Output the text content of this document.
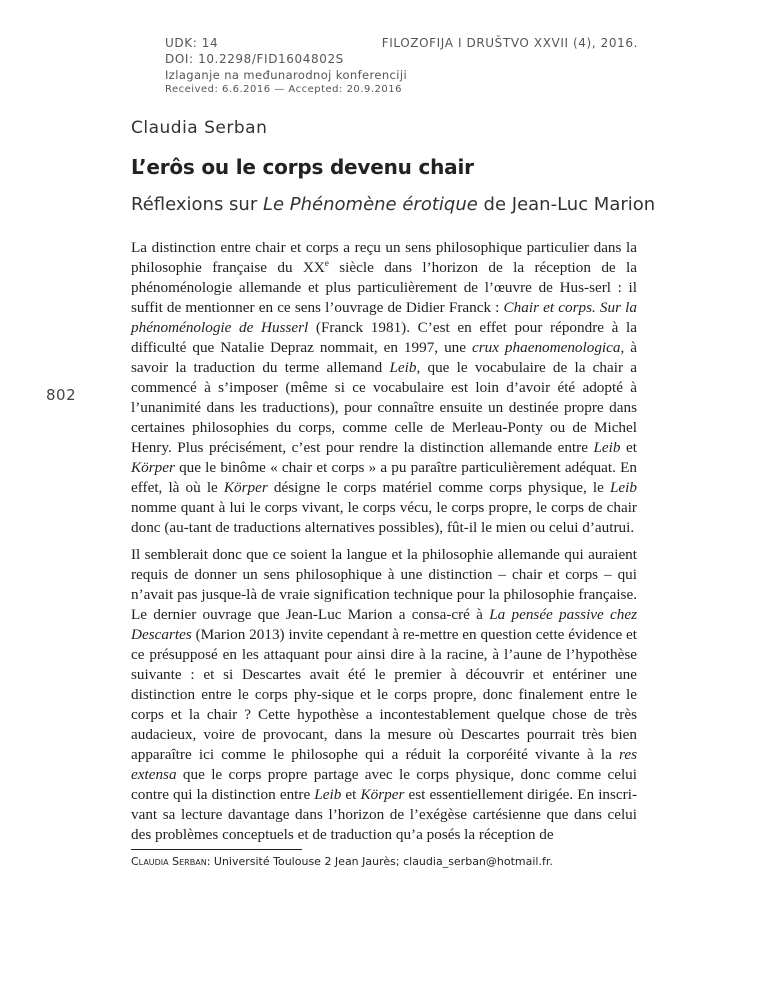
UDK: 14
DOI: 10.2298/FID1604802S
Izlaganje na međunarodnoj konferenciji
Received: 6.6.2016 — Accepted: 20.9.2016
FILOZOFIJA I DRUŠTVO XXVII (4), 2016.
Claudia Serban
L’erôs ou le corps devenu chair
Réflexions sur Le Phénomène érotique de Jean-Luc Marion
802
La distinction entre chair et corps a reçu un sens philosophique particulier dans la philosophie française du XXe siècle dans l’horizon de la réception de la phénoménologie allemande et plus particulièrement de l’œuvre de Hus-serl : il suffit de mentionner en ce sens l’ouvrage de Didier Franck : Chair et corps. Sur la phénoménologie de Husserl (Franck 1981). C’est en effet pour répondre à la difficulté que Natalie Depraz nommait, en 1997, une crux phaenomenologica, à savoir la traduction du terme allemand Leib, que le vocabulaire de la chair a commencé à s’imposer (même si ce vocabulaire est loin d’avoir été adopté à l’unanimité dans les traductions), pour connaître ensuite un destinée propre dans certaines philosophies du corps, comme celle de Merleau-Ponty ou de Michel Henry. Plus précisément, c’est pour rendre la distinction allemande entre Leib et Körper que le binôme « chair et corps » a pu paraître particulièrement adéquat. En effet, là où le Körper désigne le corps matériel comme corps physique, le Leib nomme quant à lui le corps vivant, le corps vécu, le corps propre, le corps de chair donc (au-tant de traductions alternatives possibles), fût-il le mien ou celui d’autrui.
Il semblerait donc que ce soient la langue et la philosophie allemande qui auraient requis de donner un sens philosophique à une distinction – chair et corps – qui n’avait pas jusque-là de vraie signification technique pour la philosophie française. Le dernier ouvrage que Jean-Luc Marion a consa-cré à La pensée passive chez Descartes (Marion 2013) invite cependant à re-mettre en question cette évidence et ce présupposé en les attaquant pour ainsi dire à la racine, à l’aune de l’hypothèse suivante : et si Descartes avait été le premier à découvrir et entériner une distinction entre le corps phy-sique et le corps propre, donc finalement entre le corps et la chair ? Cette hypothèse a incontestablement quelque chose de très audacieux, voire de provocant, dans la mesure où Descartes pourrait très bien apparaître ici comme le philosophe qui a réduit la corporéité vivante à la res extensa que le corps propre partage avec le corps physique, donc comme celui contre qui la distinction entre Leib et Körper est essentiellement dirigée. En inscri-vant sa lecture davantage dans l’horizon de l’exégèse cartésienne que dans celui des problèmes conceptuels et de traduction qu’a posés la réception de
Claudia Serban: Université Toulouse 2 Jean Jaurès; claudia_serban@hotmail.fr.
